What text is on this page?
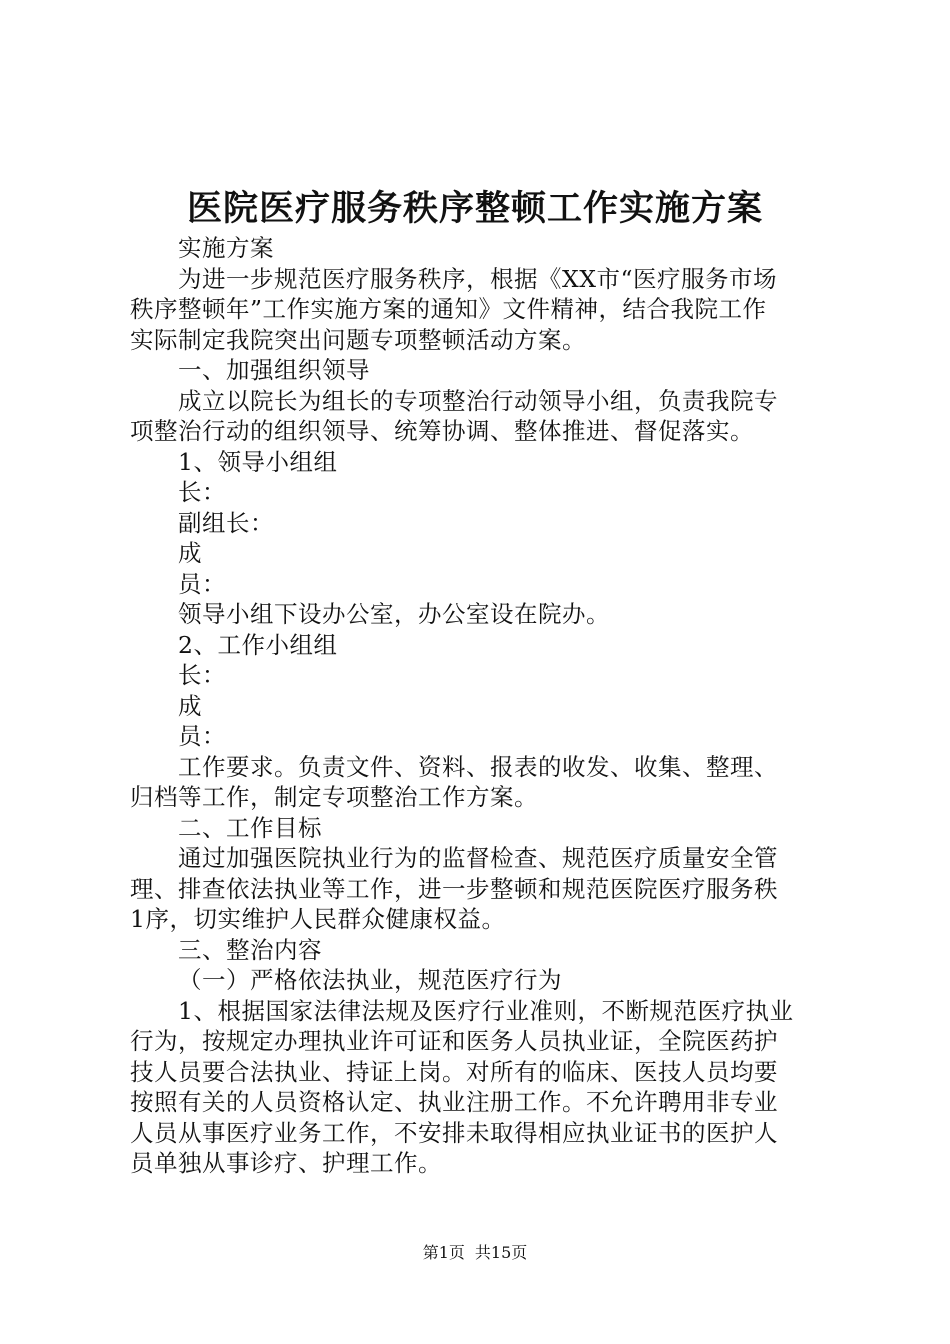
医院医疗服务秩序整顿工作实施方案
实施方案
为进一步规范医疗服务秩序，根据《XX市“医疗服务市场
秩序整顿年”工作实施方案的通知》文件精神，结合我院工作
实际制定我院突出问题专项整顿活动方案。
一、加强组织领导
成立以院长为组长的专项整治行动领导小组，负责我院专
项整治行动的组织领导、统筹协调、整体推进、督促落实。
1、领导小组组
长：
副组长：
成
员：
领导小组下设办公室，办公室设在院办。
2、工作小组组
长：
成
员：
工作要求。负责文件、资料、报表的收发、收集、整理、
归档等工作，制定专项整治工作方案。
二、工作目标
通过加强医院执业行为的监督检查、规范医疗质量安全管
理、排查依法执业等工作，进一步整顿和规范医院医疗服务秩
1序，切实维护人民群众健康权益。
三、整治内容
（一）严格依法执业，规范医疗行为
1、根据国家法律法规及医疗行业准则，不断规范医疗执业
行为，按规定办理执业许可证和医务人员执业证，全院医药护
技人员要合法执业、持证上岗。对所有的临床、医技人员均要
按照有关的人员资格认定、执业注册工作。不允许聘用非专业
人员从事医疗业务工作，不安排未取得相应执业证书的医护人
员单独从事诊疗、护理工作。
第1页 共15页
